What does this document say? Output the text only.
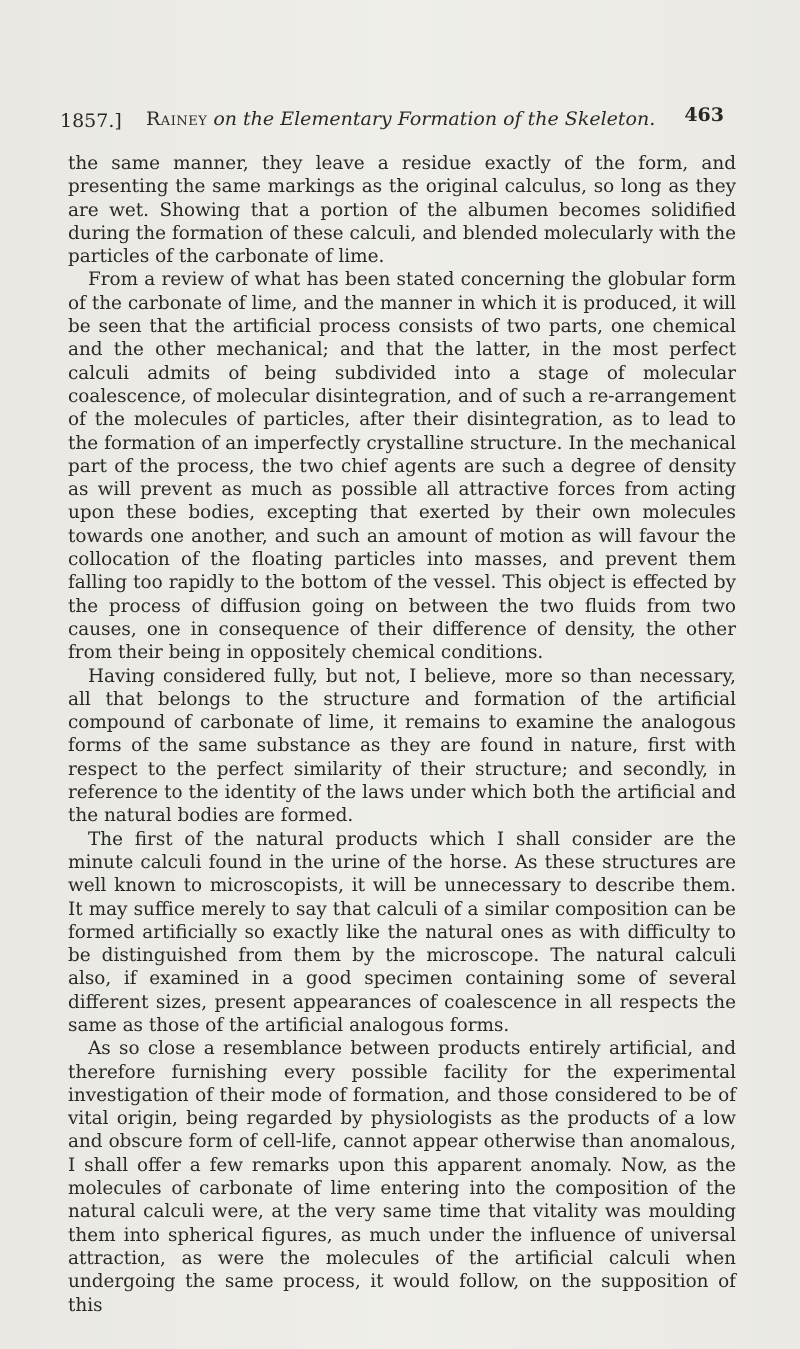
1857.] Rainey on the Elementary Formation of the Skeleton. 463

the same manner, they leave a residue exactly of the form, and presenting the same markings as the original calculus, so long as they are wet. Showing that a portion of the albumen becomes solidified during the formation of these calculi, and blended molecularly with the particles of the carbonate of lime.

From a review of what has been stated concerning the globular form of the carbonate of lime, and the manner in which it is produced, it will be seen that the artificial process consists of two parts, one chemical and the other mechanical; and that the latter, in the most perfect calculi admits of being subdivided into a stage of molecular coalescence, of molecular disintegration, and of such a re-arrangement of the molecules of particles, after their disintegration, as to lead to the formation of an imperfectly crystalline structure. In the mechanical part of the process, the two chief agents are such a degree of density as will prevent as much as possible all attractive forces from acting upon these bodies, excepting that exerted by their own molecules towards one another, and such an amount of motion as will favour the collocation of the floating particles into masses, and prevent them falling too rapidly to the bottom of the vessel. This object is effected by the process of diffusion going on between the two fluids from two causes, one in consequence of their difference of density, the other from their being in oppositely chemical conditions.

Having considered fully, but not, I believe, more so than necessary, all that belongs to the structure and formation of the artificial compound of carbonate of lime, it remains to examine the analogous forms of the same substance as they are found in nature, first with respect to the perfect similarity of their structure; and secondly, in reference to the identity of the laws under which both the artificial and the natural bodies are formed.

The first of the natural products which I shall consider are the minute calculi found in the urine of the horse. As these structures are well known to microscopists, it will be unnecessary to describe them. It may suffice merely to say that calculi of a similar composition can be formed artificially so exactly like the natural ones as with difficulty to be distinguished from them by the microscope. The natural calculi also, if examined in a good specimen containing some of several different sizes, present appearances of coalescence in all respects the same as those of the artificial analogous forms.

As so close a resemblance between products entirely artificial, and therefore furnishing every possible facility for the experimental investigation of their mode of formation, and those considered to be of vital origin, being regarded by physiologists as the products of a low and obscure form of cell-life, cannot appear otherwise than anomalous, I shall offer a few remarks upon this apparent anomaly. Now, as the molecules of carbonate of lime entering into the composition of the natural calculi were, at the very same time that vitality was moulding them into spherical figures, as much under the influence of universal attraction, as were the molecules of the artificial calculi when undergoing the same process, it would follow, on the supposition of this
